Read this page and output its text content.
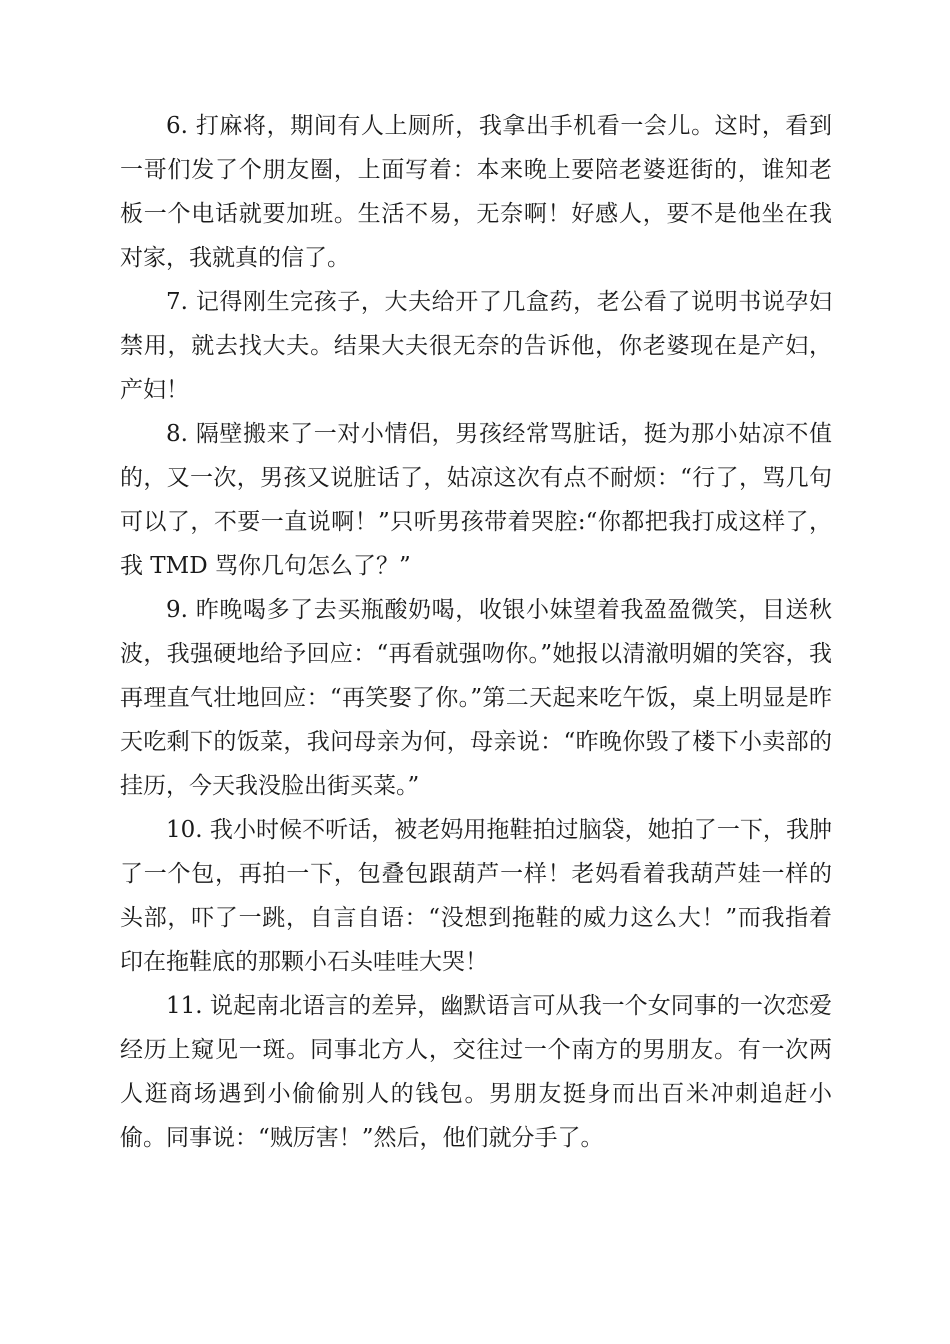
6. 打麻将，期间有人上厕所，我拿出手机看一会儿。这时，看到一哥们发了个朋友圈，上面写着：本来晚上要陪老婆逛街的，谁知老板一个电话就要加班。生活不易，无奈啊！好感人，要不是他坐在我对家，我就真的信了。

7. 记得刚生完孩子，大夫给开了几盒药，老公看了说明书说孕妇禁用，就去找大夫。结果大夫很无奈的告诉他，你老婆现在是产妇，产妇！

8. 隔壁搬来了一对小情侣，男孩经常骂脏话，挺为那小姑凉不值的，又一次，男孩又说脏话了，姑凉这次有点不耐烦：“行了，骂几句可以了，不要一直说啊！”只听男孩带着哭腔:“你都把我打成这样了，我 TMD 骂你几句怎么了？”

9. 昨晚喝多了去买瓶酸奶喝，收银小妹望着我盈盈微笑，目送秋波，我强硬地给予回应：“再看就强吻你。”她报以清澈明媚的笑容，我再理直气壮地回应：“再笑娶了你。”第二天起来吃午饭，桌上明显是昨天吃剩下的饭菜，我问母亲为何，母亲说：“昨晚你毁了楼下小卖部的挂历，今天我没脸出街买菜。”

10. 我小时候不听话，被老妈用拖鞋拍过脑袋，她拍了一下，我肿了一个包，再拍一下，包叠包跟葫芦一样！老妈看着我葫芦娃一样的头部，吓了一跳，自言自语：“没想到拖鞋的威力这么大！”而我指着印在拖鞋底的那颗小石头哇哇大哭！

11. 说起南北语言的差异，幽默语言可从我一个女同事的一次恋爱经历上窥见一斑。同事北方人，交往过一个南方的男朋友。有一次两人逛商场遇到小偷偷别人的钱包。男朋友挺身而出百米冲刺追赶小偷。同事说：“贼厉害！”然后，他们就分手了。
